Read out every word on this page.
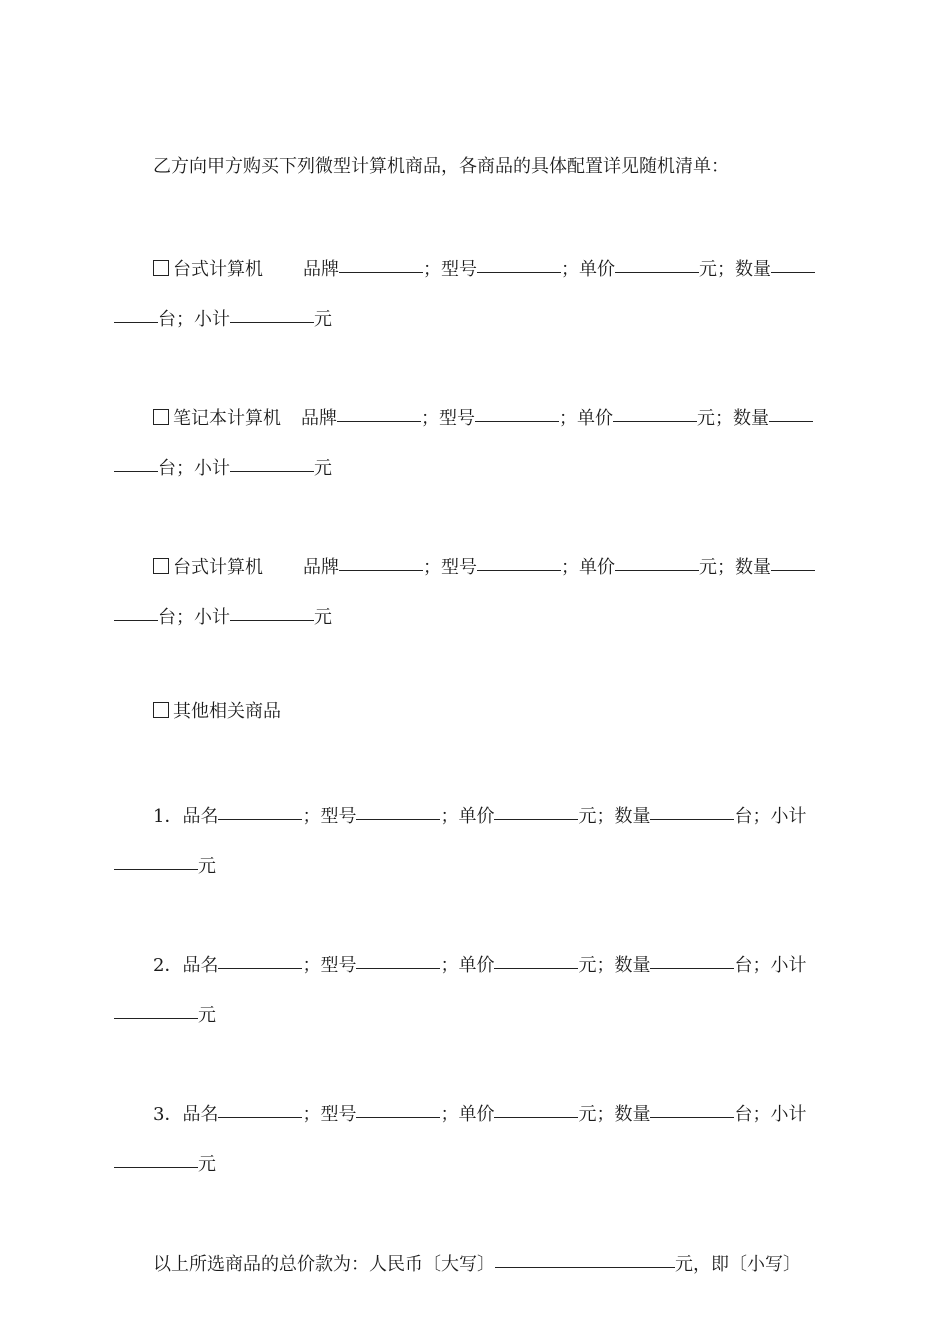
乙方向甲方购买下列微型计算机商品，各商品的具体配置详见随机清单：
台式计算机 品牌	；型号	；单价	元；数量
台；小计	元
笔记本计算机 品牌	；型号	；单价	元；数量
台；小计	元
台式计算机 品牌	；型号	；单价	元；数量
台；小计	元
其他相关商品
1．品名	；型号	；单价	元；数量	台；小计
元
2．品名	；型号	；单价	元；数量	台；小计
元
3．品名	；型号	；单价	元；数量	台；小计
元
以上所选商品的总价款为：人民币〔大写〕	元，即〔小写〕
